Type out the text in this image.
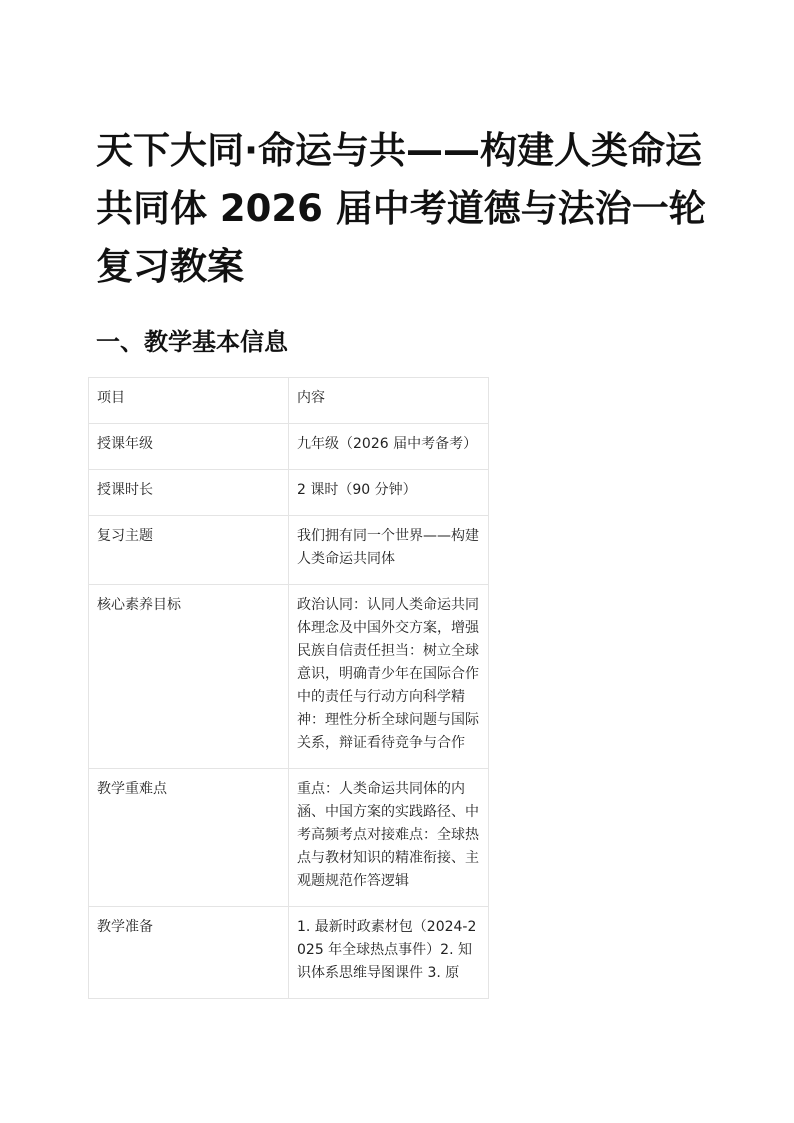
天下大同·命运与共——构建人类命运共同体 2026 届中考道德与法治一轮复习教案
一、教学基本信息
项目	内容
授课年级	九年级（2026 届中考备考）
授课时长	2 课时（90 分钟）
复习主题	我们拥有同一个世界——构建人类命运共同体
核心素养目标	政治认同：认同人类命运共同体理念及中国外交方案，增强民族自信责任担当：树立全球意识，明确青少年在国际合作中的责任与行动方向科学精神：理性分析全球问题与国际关系，辩证看待竞争与合作
教学重难点	重点：人类命运共同体的内涵、中国方案的实践路径、中考高频考点对接难点：全球热点与教材知识的精准衔接、主观题规范作答逻辑
教学准备	1. 最新时政素材包（2024-2025 年全球热点事件）2. 知识体系思维导图课件 3. 原
